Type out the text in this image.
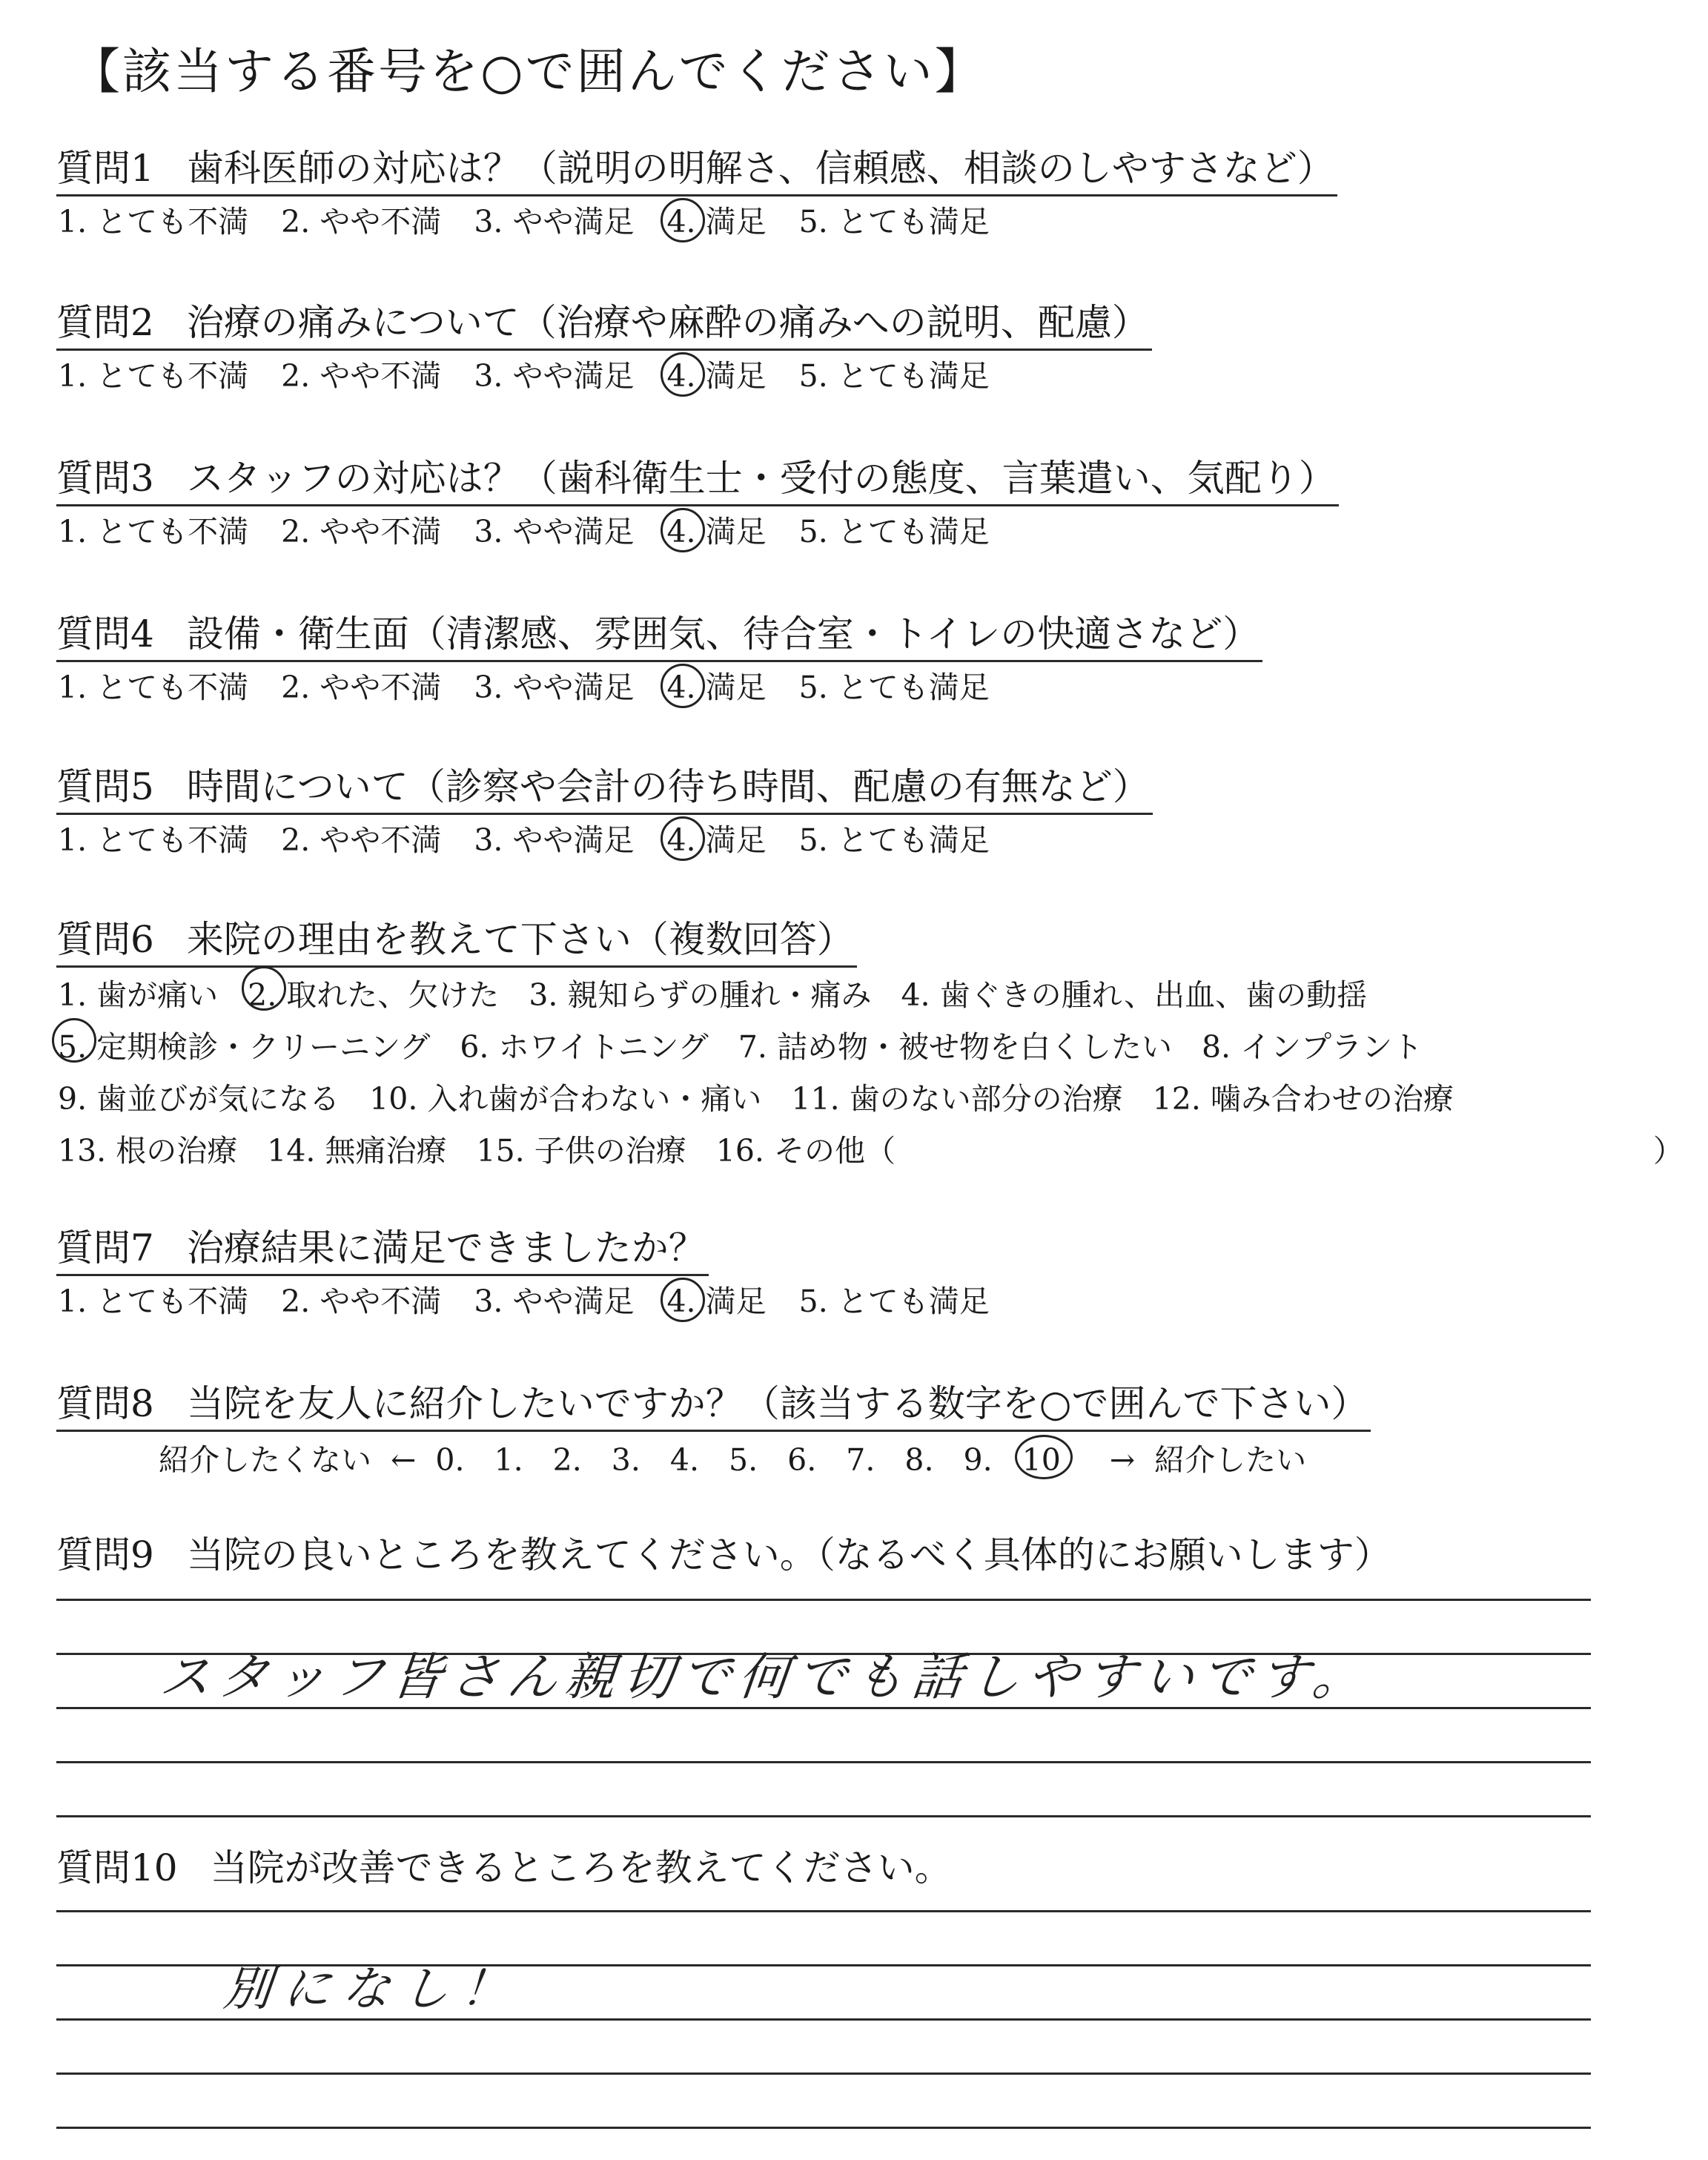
【該当する番号を○で囲んでください】
質問1 歯科医師の対応は？（説明の明解さ、信頼感、相談のしやすさなど）
1. とても不満 2. やや不満 3. やや満足 4. 満足 5. とても満足
質問2 治療の痛みについて（治療や麻酔の痛みへの説明、配慮）
1. とても不満 2. やや不満 3. やや満足 4. 満足 5. とても満足
質問3 スタッフの対応は？（歯科衛生士・受付の態度、言葉遣い、気配り）
1. とても不満 2. やや不満 3. やや満足 4. 満足 5. とても満足
質問4 設備・衛生面（清潔感、雰囲気、待合室・トイレの快適さなど）
1. とても不満 2. やや不満 3. やや満足 4. 満足 5. とても満足
質問5 時間について（診察や会計の待ち時間、配慮の有無など）
1. とても不満 2. やや不満 3. やや満足 4. 満足 5. とても満足
質問6 来院の理由を教えて下さい（複数回答）
1. 歯が痛い 2. 取れた、欠けた 3. 親知らずの腫れ・痛み 4. 歯ぐきの腫れ、出血、歯の動揺
5. 定期検診・クリーニング 6. ホワイトニング 7. 詰め物・被せ物を白くしたい 8. インプラント
9. 歯並びが気になる 10. 入れ歯が合わない・痛い 11. 歯のない部分の治療 12. 噛み合わせの治療
13. 根の治療 14. 無痛治療 15. 子供の治療 16. その他（	）
質問7 治療結果に満足できましたか？
1. とても不満 2. やや不満 3. やや満足 4. 満足 5. とても満足
質問8 当院を友人に紹介したいですか？（該当する数字を○で囲んで下さい）
紹介したくない ← 0. 1. 2. 3. 4. 5. 6. 7. 8. 9. 10 → 紹介したい
質問9 当院の良いところを教えてください。（なるべく具体的にお願いします）
スタッフ皆さん親切で何でも話しやすいです。
質問10 当院が改善できるところを教えてください。
別になし！
